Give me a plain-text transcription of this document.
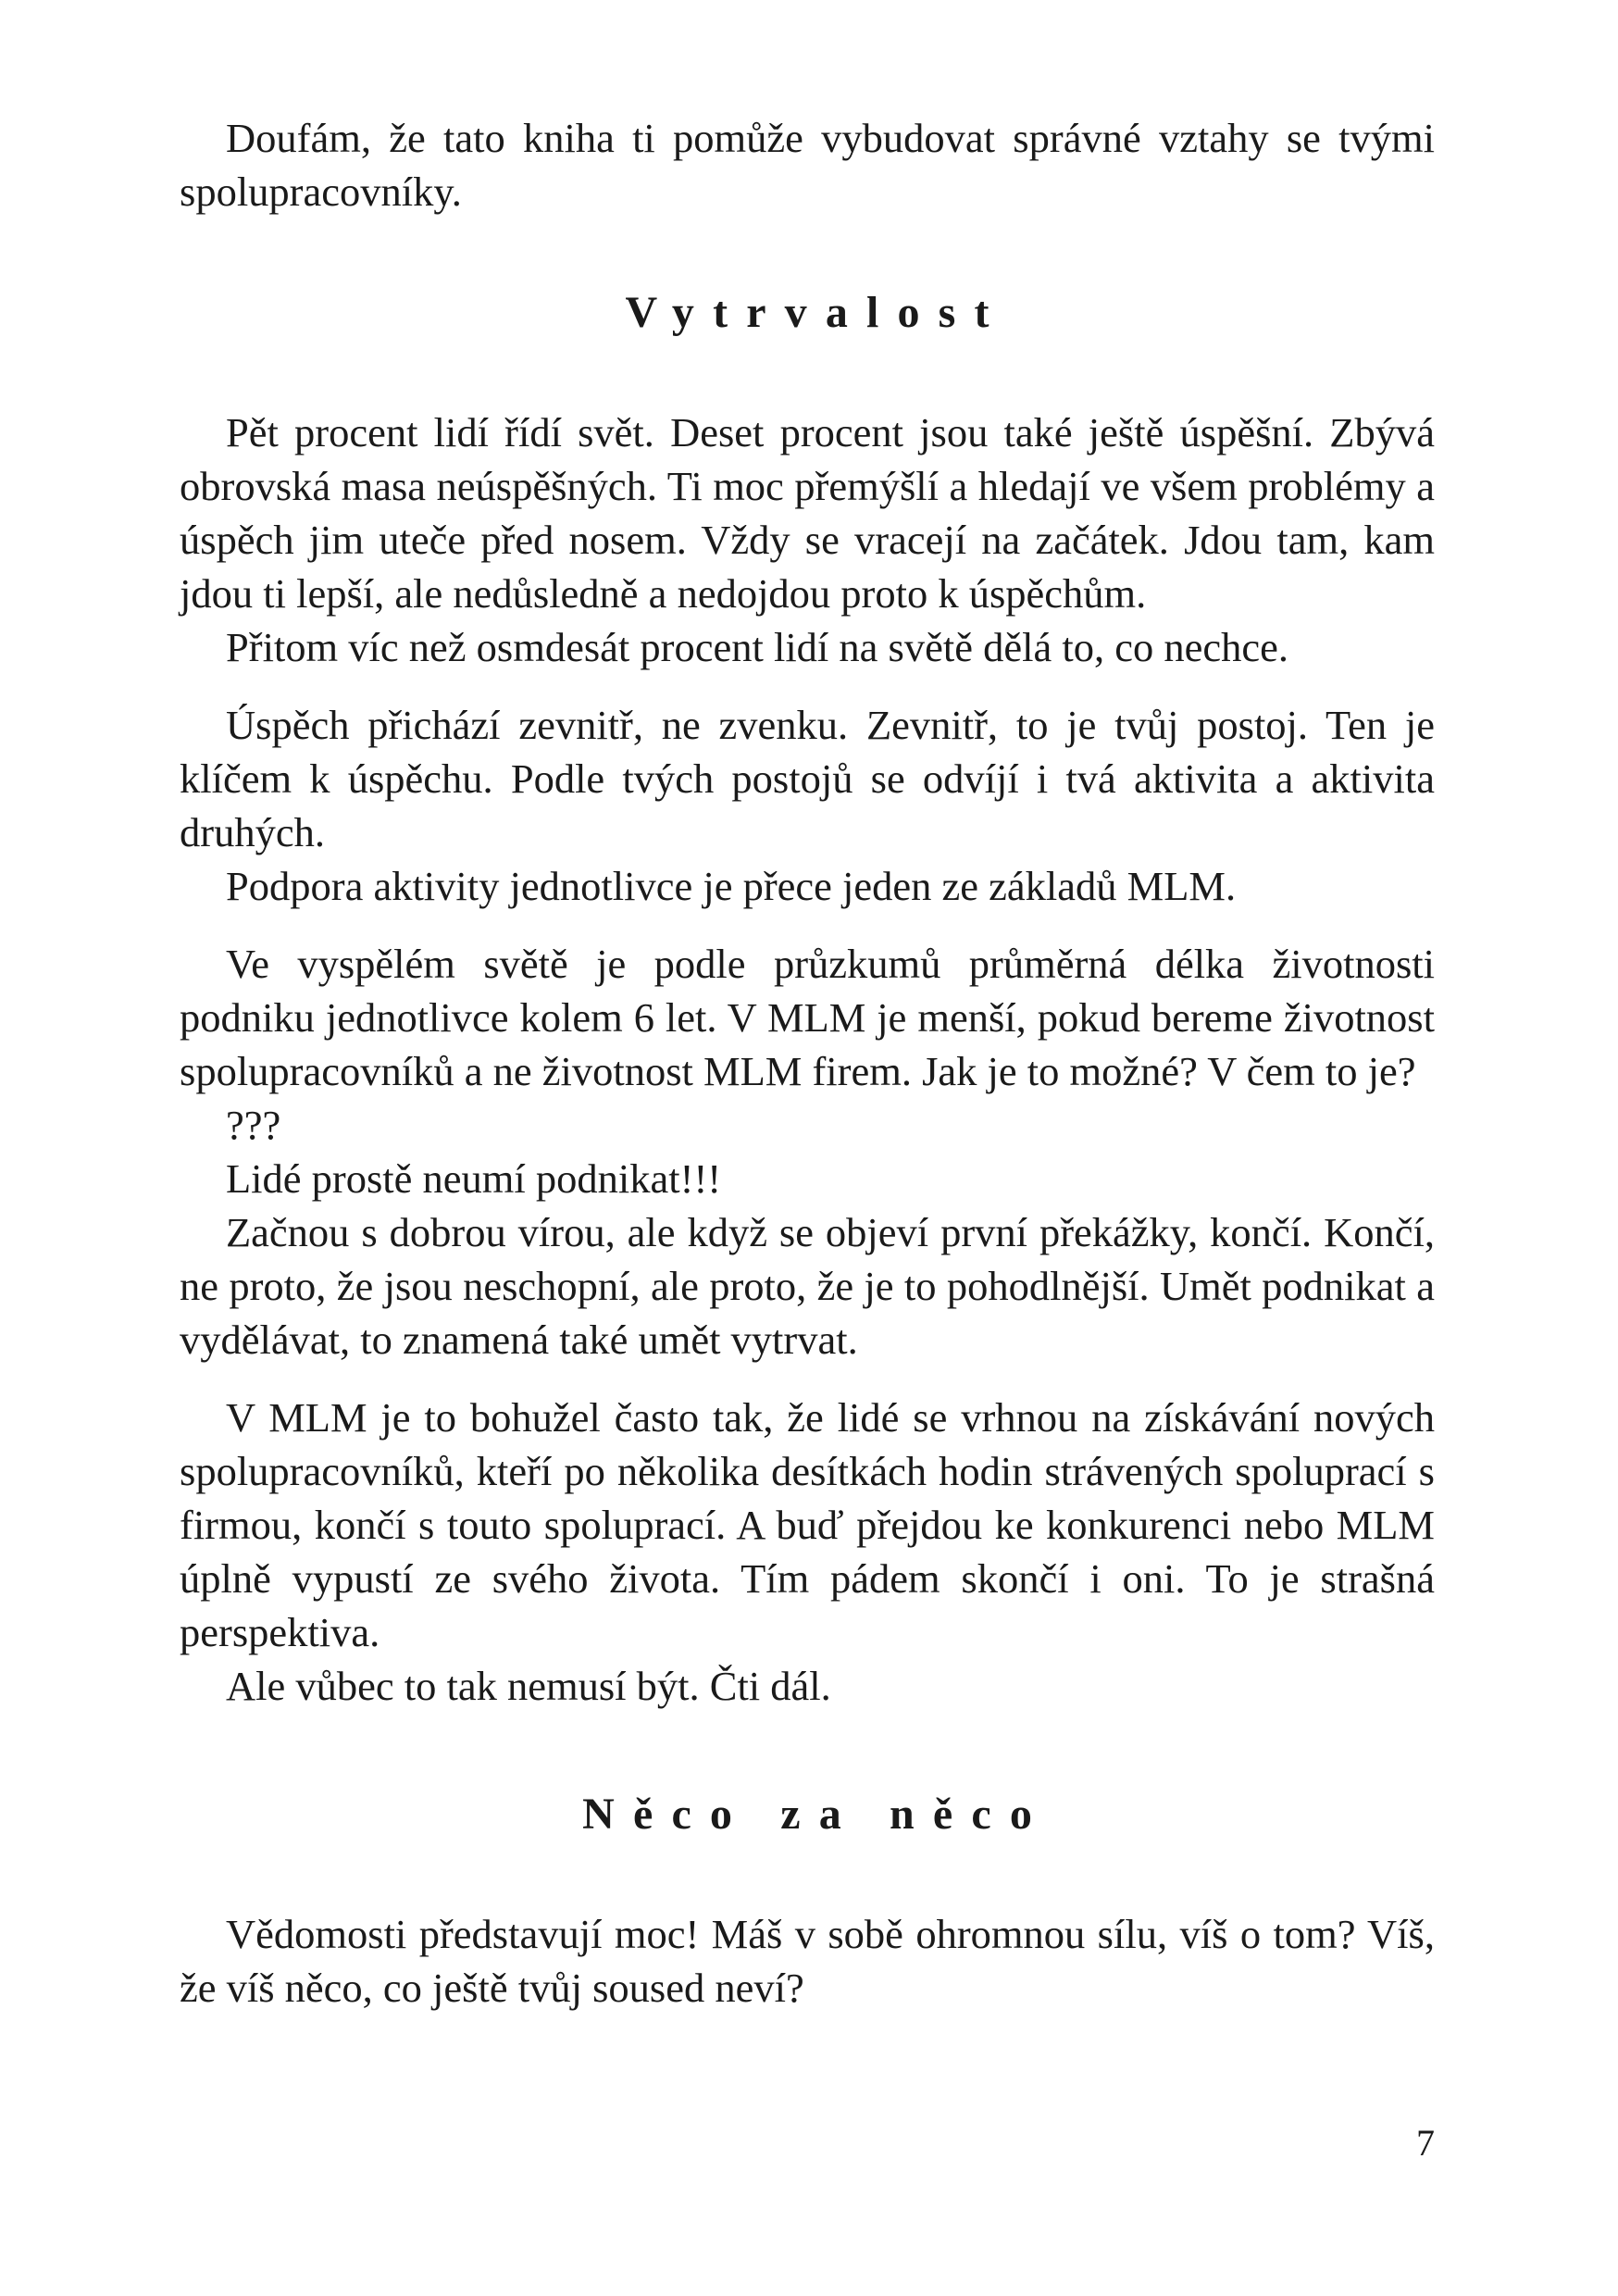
Doufám, že tato kniha ti pomůže vybudovat správné vztahy se tvými spolupracovníky.

Vytrvalost

Pět procent lidí řídí svět. Deset procent jsou také ještě úspěšní. Zbývá obrovská masa neúspěšných. Ti moc přemýšlí a hledají ve všem problémy a úspěch jim uteče před nosem. Vždy se vracejí na začátek. Jdou tam, kam jdou ti lepší, ale nedůsledně a nedojdou proto k úspěchům.

Přitom víc než osmdesát procent lidí na světě dělá to, co nechce.

Úspěch přichází zevnitř, ne zvenku. Zevnitř, to je tvůj postoj. Ten je klíčem k úspěchu. Podle tvých postojů se odvíjí i tvá aktivita a aktivita druhých.

Podpora aktivity jednotlivce je přece jeden ze základů MLM.

Ve vyspělém světě je podle průzkumů průměrná délka životnosti podniku jednotlivce kolem 6 let. V MLM je menší, pokud bereme životnost spolupracovníků a ne životnost MLM firem. Jak je to možné? V čem to je?

???

Lidé prostě neumí podnikat!!!

Začnou s dobrou vírou, ale když se objeví první překážky, končí. Končí, ne proto, že jsou neschopní, ale proto, že je to pohodlnější. Umět podnikat a vydělávat, to znamená také umět vytrvat.

V MLM je to bohužel často tak, že lidé se vrhnou na získávání nových spolupracovníků, kteří po několika desítkách hodin strávených spoluprací s firmou, končí s touto spoluprací. A buď přejdou ke konkurenci nebo MLM úplně vypustí ze svého života. Tím pádem skončí i oni. To je strašná perspektiva.

Ale vůbec to tak nemusí být. Čti dál.

Něco za něco

Vědomosti představují moc! Máš v sobě ohromnou sílu, víš o tom? Víš, že víš něco, co ještě tvůj soused neví?

7
